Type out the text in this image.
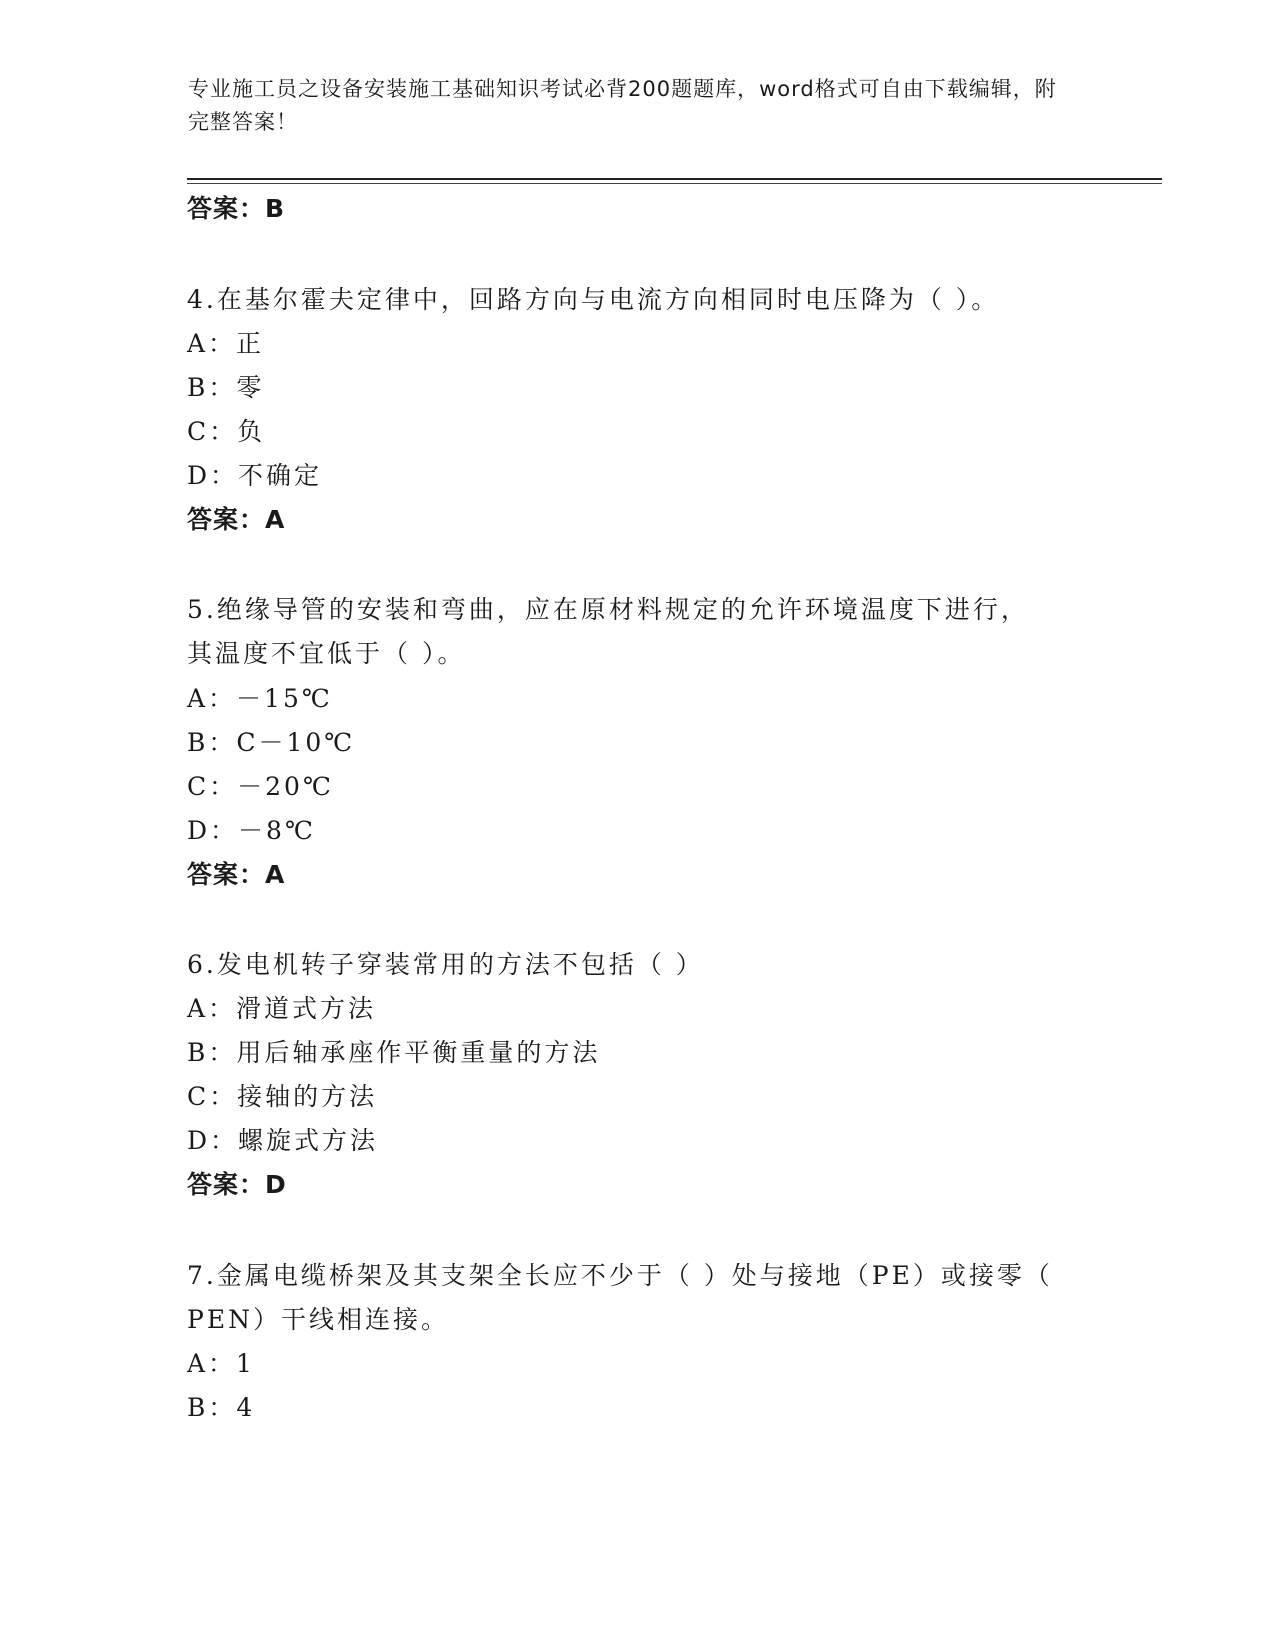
专业施工员之设备安装施工基础知识考试必背200题题库，word格式可自由下载编辑，附完整答案！

答案：B

4.在基尔霍夫定律中，回路方向与电流方向相同时电压降为（ ）。

A：正

B：零

C：负

D：不确定

答案：A

5.绝缘导管的安装和弯曲，应在原材料规定的允许环境温度下进行，

其温度不宜低于（ ）。

A：－15℃

B：C－10℃

C：－20℃

D：－8℃

答案：A

6.发电机转子穿装常用的方法不包括（ ）

A：滑道式方法

B：用后轴承座作平衡重量的方法

C：接轴的方法

D：螺旋式方法

答案：D

7.金属电缆桥架及其支架全长应不少于（ ）处与接地（PE）或接零（

PEN）干线相连接。

A：1

B：4
